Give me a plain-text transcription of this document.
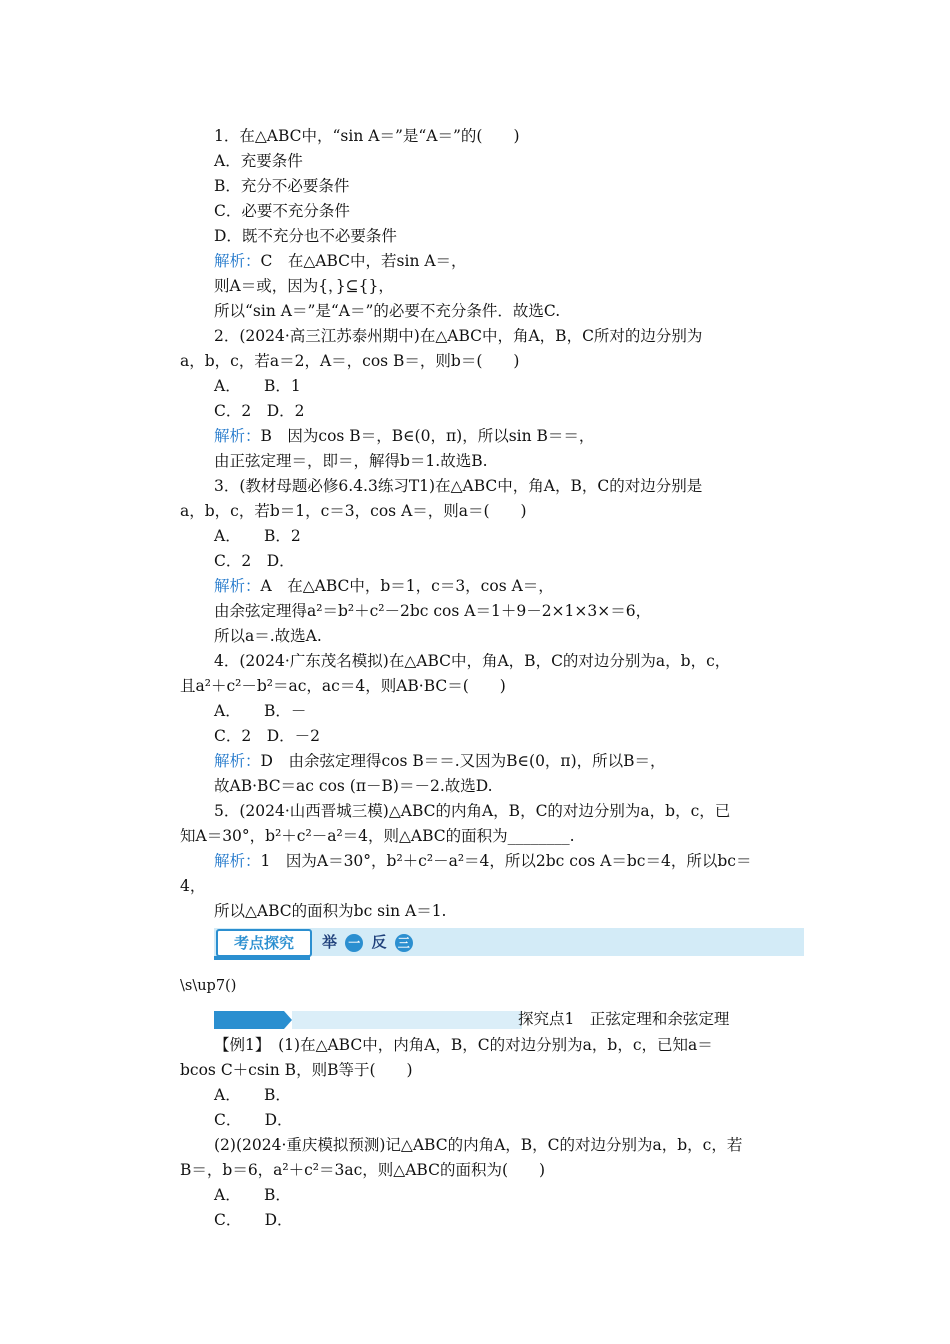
1．在△ABC中，“sin A＝”是“A＝”的(　　)
A．充要条件
B．充分不必要条件
C．必要不充分条件
D．既不充分也不必要条件
解析：C　在△ABC中，若sin A＝，
则A＝或，因为{，}⊆{}，
所以“sin A＝”是“A＝”的必要不充分条件．故选C.
2．(2024·高三江苏泰州期中)在△ABC中，角A，B，C所对的边分别为
a，b，c，若a＝2，A＝，cos B＝，则b＝(　　)
A．　　B．1
C．2　D．2
解析：B　因为cos B＝，B∈(0，π)，所以sin B＝＝，
由正弦定理＝，即＝，解得b＝1.故选B.
3．(教材母题必修6.4.3练习T1)在△ABC中，角A，B，C的对边分别是
a，b，c，若b＝1，c＝3，cos A＝，则a＝(　　)
A．　　B．2
C．2　D．
解析：A　在△ABC中，b＝1，c＝3，cos A＝，
由余弦定理得a²＝b²＋c²－2bc cos A＝1＋9－2×1×3×＝6，
所以a＝.故选A.
4．(2024·广东茂名模拟)在△ABC中，角A，B，C的对边分别为a，b，c，
且a²＋c²－b²＝ac，ac＝4，则AB·BC＝(　　)
A．　　B．－
C．2　D．－2
解析：D　由余弦定理得cos B＝＝.又因为B∈(0，π)，所以B＝，
故AB·BC＝ac cos (π－B)＝－2.故选D.
5．(2024·山西晋城三模)△ABC的内角A，B，C的对边分别为a，b，c，已
知A＝30°，b²＋c²－a²＝4，则△ABC的面积为________.
解析：1　因为A＝30°，b²＋c²－a²＝4，所以2bc cos A＝bc＝4，所以bc＝
4，
所以△ABC的面积为bc sin A＝1.
考点探究	举 一 反 三
\s\up7()
探究点1　正弦定理和余弦定理
【例1】　(1)在△ABC中，内角A，B，C的对边分别为a，b，c，已知a＝
bcos C＋csin B，则B等于(　　)
A．　　B．
C．　　D．
(2)(2024·重庆模拟预测)记△ABC的内角A，B，C的对边分别为a，b，c，若
B＝，b＝6，a²＋c²＝3ac，则△ABC的面积为(　　)
A．　　B．
C．　　D．
